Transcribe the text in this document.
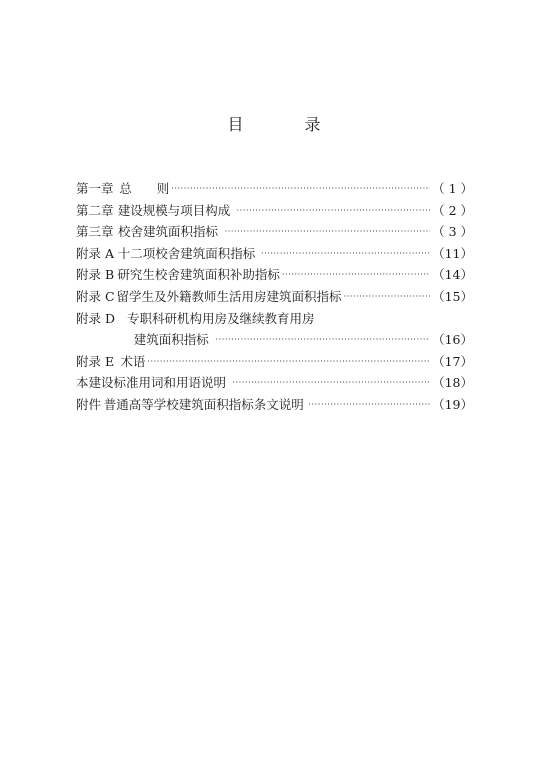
目 录
第一章 总　　则 ·····	（ 1 ）
第二章 建设规模与项目构成 ·····	（ 2 ）
第三章 校舍建筑面积指标 ·····	（ 3 ）
附录 A 十二项校舍建筑面积指标 ·····	（11）
附录 B 研究生校舍建筑面积补助指标 ·····	（14）
附录 C 留学生及外籍教师生活用房建筑面积指标 ·····	（15）
附录 D 专职科研机构用房及继续教育用房
建筑面积指标 ·····	（16）
附录 E 术语 ·····	（17）
本建设标准用词和用语说明 ·····	（18）
附件 普通高等学校建筑面积指标条文说明 ·····	（19）
